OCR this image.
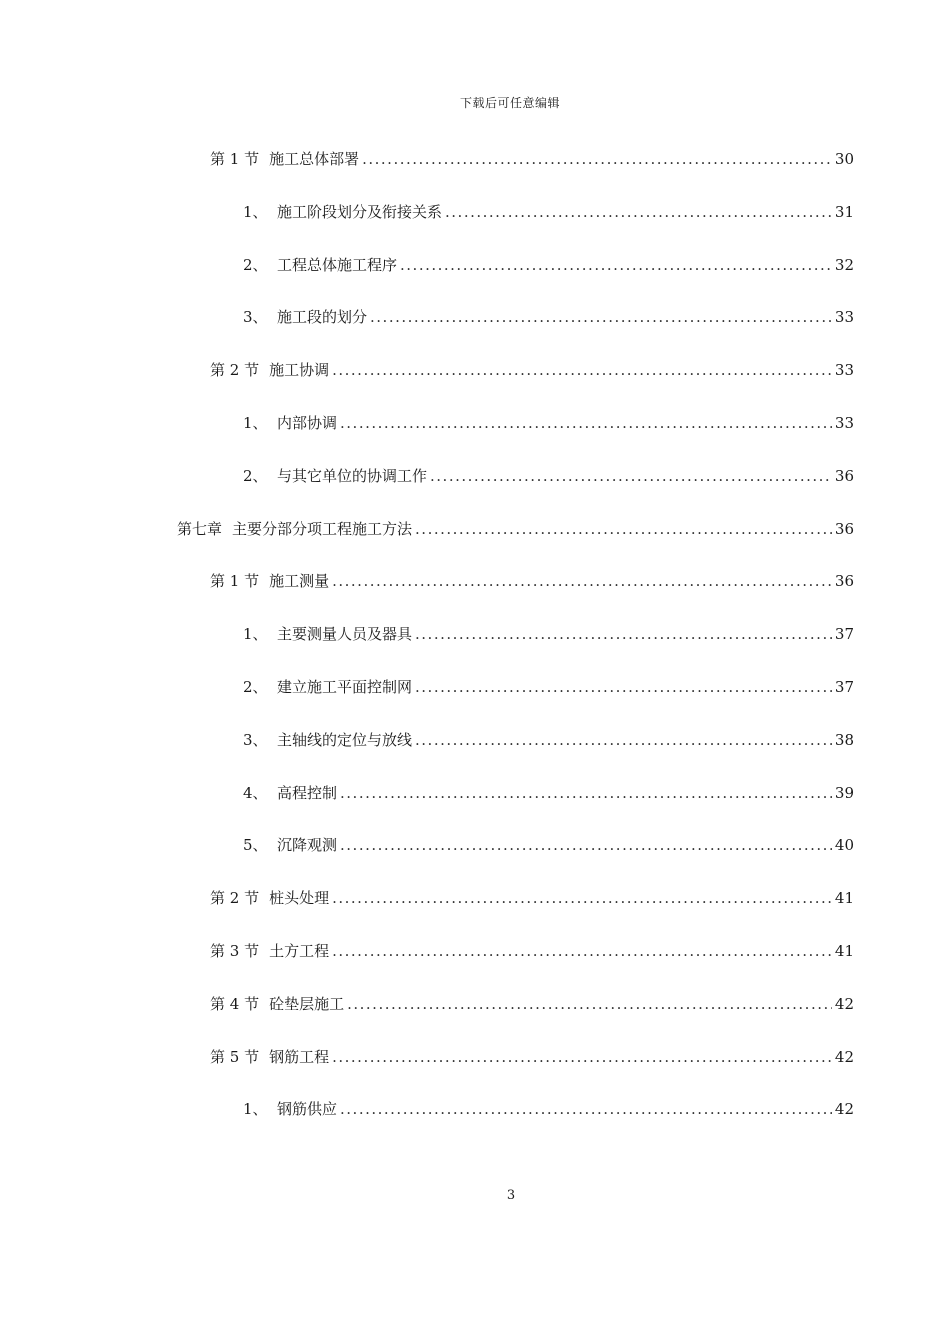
下载后可任意编辑
第 1 节 施工总体部署 .....	30
1、 施工阶段划分及衔接关系 .....	31
2、 工程总体施工程序 .....	32
3、 施工段的划分 .....	33
第 2 节 施工协调 .....	33
1、 内部协调 .....	33
2、 与其它单位的协调工作 .....	36
第七章 主要分部分项工程施工方法 .....	36
第 1 节 施工测量 .....	36
1、 主要测量人员及器具 .....	37
2、 建立施工平面控制网 .....	37
3、 主轴线的定位与放线 .....	38
4、 高程控制 .....	39
5、 沉降观测 .....	40
第 2 节 桩头处理 .....	41
第 3 节 土方工程 .....	41
第 4 节 砼垫层施工 .....	42
第 5 节 钢筋工程 .....	42
1、 钢筋供应 .....	42
3
